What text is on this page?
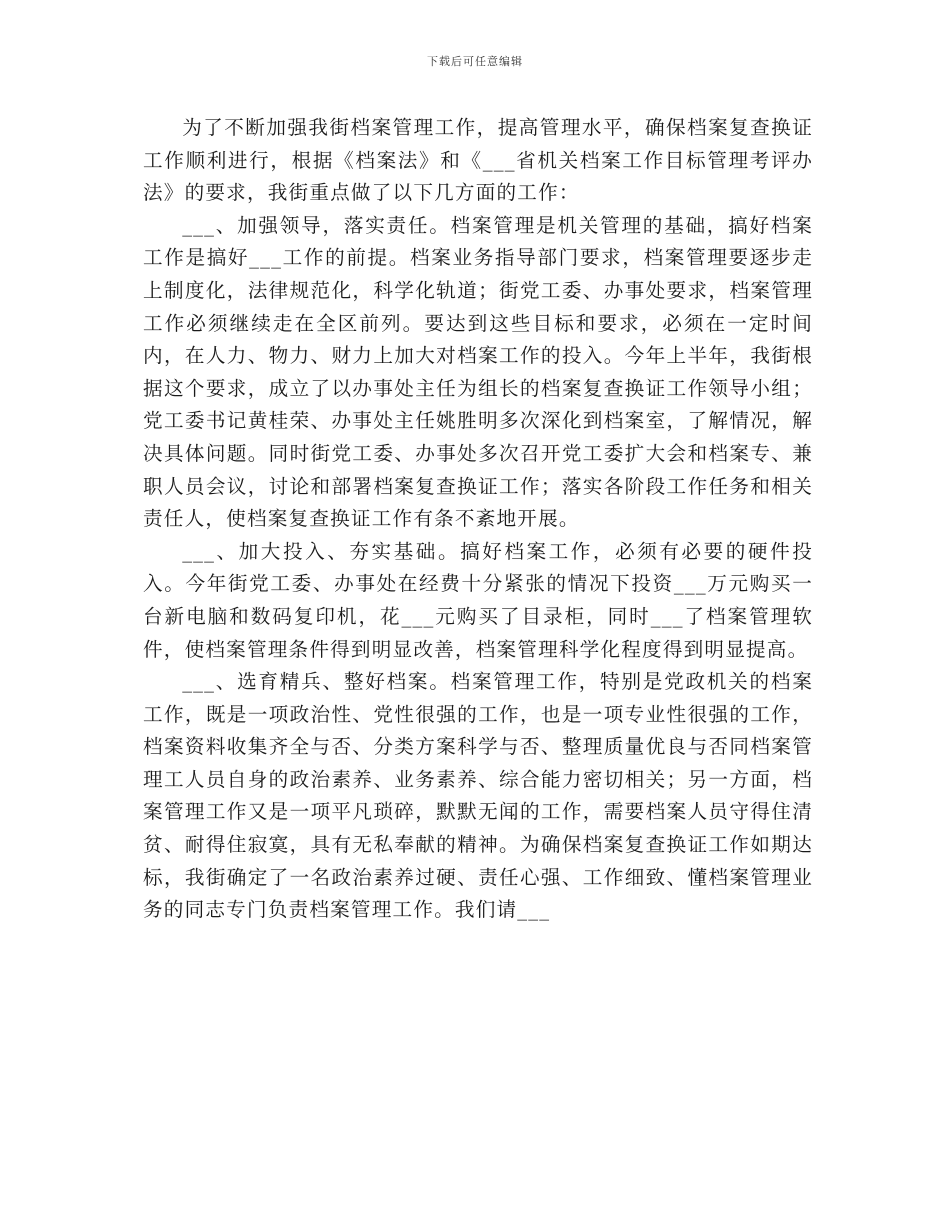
下载后可任意编辑

为了不断加强我街档案管理工作，提高管理水平，确保档案复查换证工作顺利进行，根据《档案法》和《___省机关档案工作目标管理考评办法》的要求，我街重点做了以下几方面的工作：

___、加强领导，落实责任。档案管理是机关管理的基础，搞好档案工作是搞好___工作的前提。档案业务指导部门要求，档案管理要逐步走上制度化，法律规范化，科学化轨道；街党工委、办事处要求，档案管理工作必须继续走在全区前列。要达到这些目标和要求，必须在一定时间内，在人力、物力、财力上加大对档案工作的投入。今年上半年，我街根据这个要求，成立了以办事处主任为组长的档案复查换证工作领导小组；党工委书记黄桂荣、办事处主任姚胜明多次深化到档案室，了解情况，解决具体问题。同时街党工委、办事处多次召开党工委扩大会和档案专、兼职人员会议，讨论和部署档案复查换证工作；落实各阶段工作任务和相关责任人，使档案复查换证工作有条不紊地开展。

___、加大投入、夯实基础。搞好档案工作，必须有必要的硬件投入。今年街党工委、办事处在经费十分紧张的情况下投资___万元购买一台新电脑和数码复印机，花___元购买了目录柜，同时___了档案管理软件，使档案管理条件得到明显改善，档案管理科学化程度得到明显提高。

___、选育精兵、整好档案。档案管理工作，特别是党政机关的档案工作，既是一项政治性、党性很强的工作，也是一项专业性很强的工作，档案资料收集齐全与否、分类方案科学与否、整理质量优良与否同档案管理工人员自身的政治素养、业务素养、综合能力密切相关；另一方面，档案管理工作又是一项平凡琐碎，默默无闻的工作，需要档案人员守得住清贫、耐得住寂寞，具有无私奉献的精神。为确保档案复查换证工作如期达标，我街确定了一名政治素养过硬、责任心强、工作细致、懂档案管理业务的同志专门负责档案管理工作。我们请___
